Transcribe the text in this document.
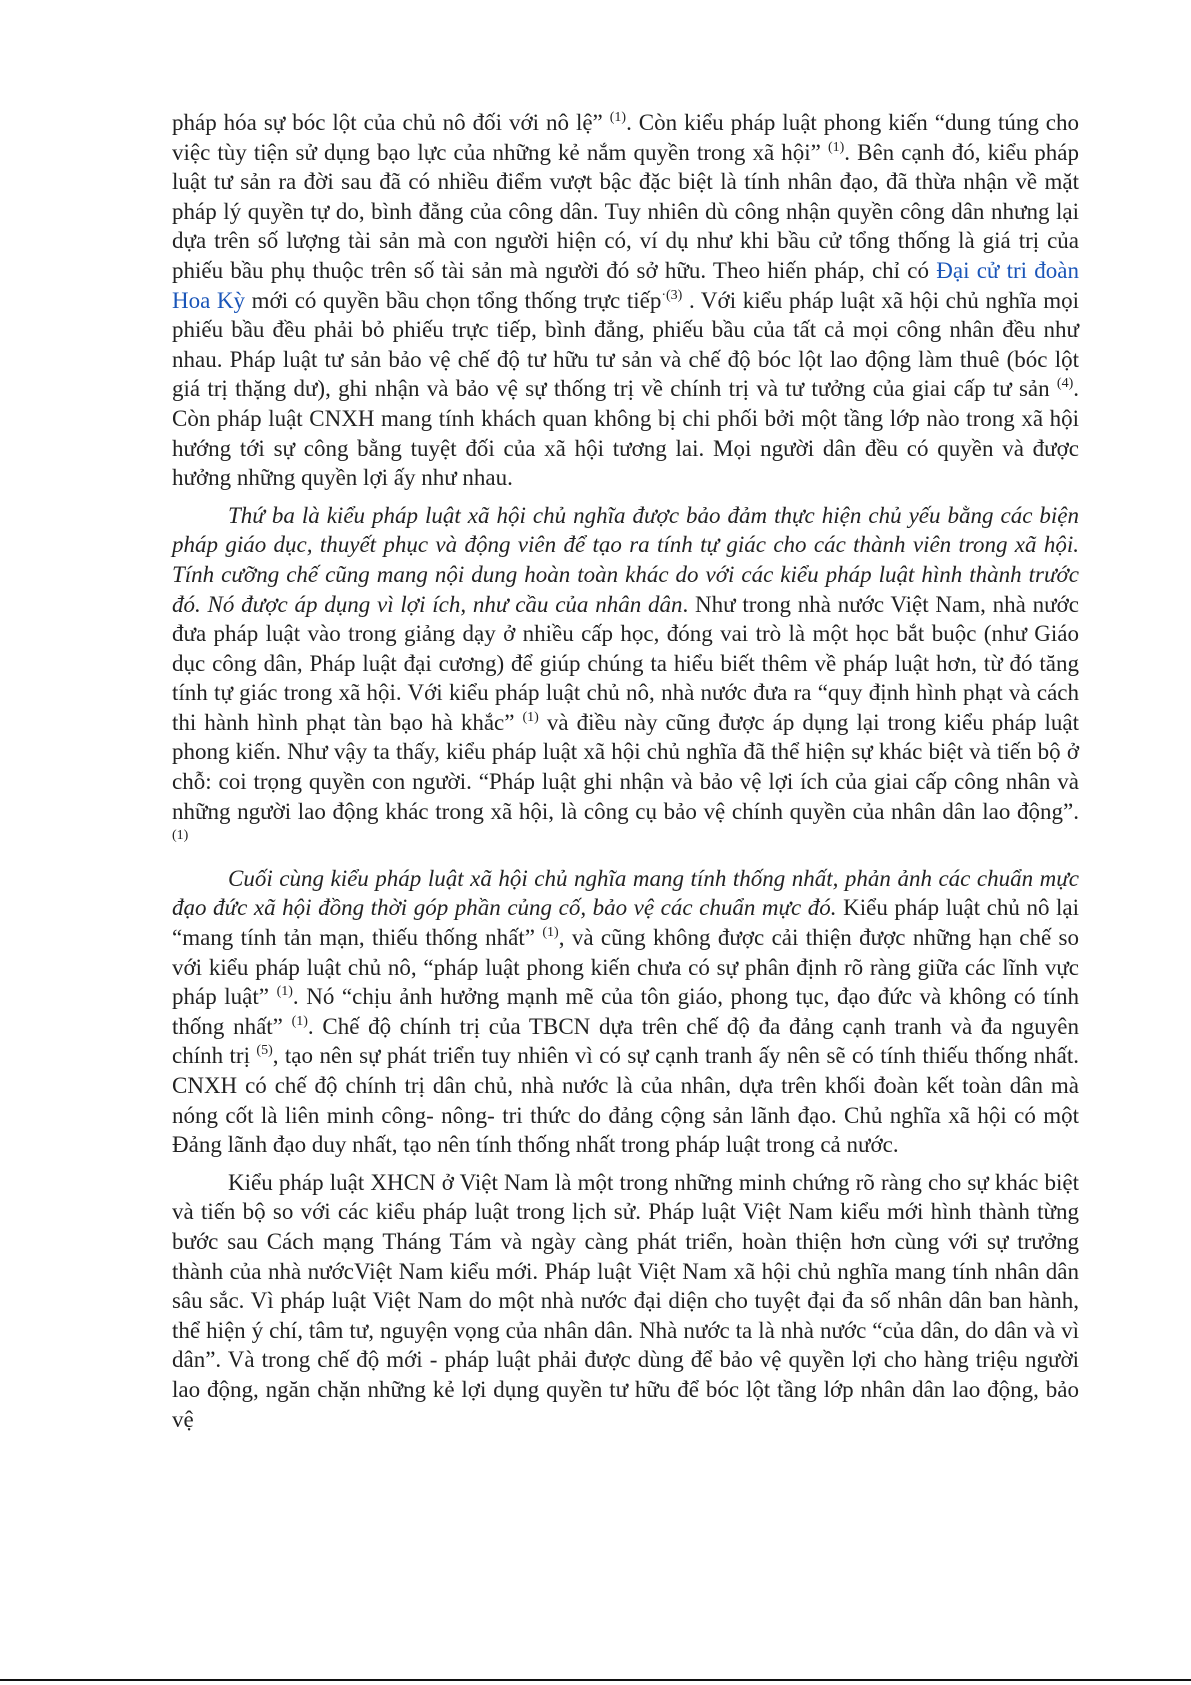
pháp hóa sự bóc lột của chủ nô đối với nô lệ” $^{(1)}$. Còn kiểu pháp luật phong kiến “dung túng cho việc tùy tiện sử dụng bạo lực của những kẻ nắm quyền trong xã hội” $^{(1)}$. Bên cạnh đó, kiểu pháp luật tư sản ra đời sau đã có nhiều điểm vượt bậc đặc biệt là tính nhân đạo, đã thừa nhận về mặt pháp lý quyền tự do, bình đẳng của công dân. Tuy nhiên dù công nhận quyền công dân nhưng lại dựa trên số lượng tài sản mà con người hiện có, ví dụ như khi bầu cử tổng thống là giá trị của phiếu bầu phụ thuộc trên số tài sản mà người đó sở hữu. Theo hiến pháp, chỉ có Đại cử tri đoàn Hoa Kỳ mới có quyền bầu chọn tổng thống trực tiếp$^{\cdot(3)}$ . Với kiểu pháp luật xã hội chủ nghĩa mọi phiếu bầu đều phải bỏ phiếu trực tiếp, bình đẳng, phiếu bầu của tất cả mọi công nhân đều như nhau. Pháp luật tư sản bảo vệ chế độ tư hữu tư sản và chế độ bóc lột lao động làm thuê (bóc lột giá trị thặng dư), ghi nhận và bảo vệ sự thống trị về chính trị và tư tưởng của giai cấp tư sản $^{(4)}$. Còn pháp luật CNXH mang tính khách quan không bị chi phối bởi một tầng lớp nào trong xã hội hướng tới sự công bằng tuyệt đối của xã hội tương lai. Mọi người dân đều có quyền và được hưởng những quyền lợi ấy như nhau.

Thứ ba là kiểu pháp luật xã hội chủ nghĩa được bảo đảm thực hiện chủ yếu bằng các biện pháp giáo dục, thuyết phục và động viên để tạo ra tính tự giác cho các thành viên trong xã hội. Tính cưỡng chế cũng mang nội dung hoàn toàn khác do với các kiểu pháp luật hình thành trước đó. Nó được áp dụng vì lợi ích, như cầu của nhân dân. Như trong nhà nước Việt Nam, nhà nước đưa pháp luật vào trong giảng dạy ở nhiều cấp học, đóng vai trò là một học bắt buộc (như Giáo dục công dân, Pháp luật đại cương) để giúp chúng ta hiểu biết thêm về pháp luật hơn, từ đó tăng tính tự giác trong xã hội. Với kiểu pháp luật chủ nô, nhà nước đưa ra “quy định hình phạt và cách thi hành hình phạt tàn bạo hà khắc” $^{(1)}$ và điều này cũng được áp dụng lại trong kiểu pháp luật phong kiến. Như vậy ta thấy, kiểu pháp luật xã hội chủ nghĩa đã thể hiện sự khác biệt và tiến bộ ở chỗ: coi trọng quyền con người. “Pháp luật ghi nhận và bảo vệ lợi ích của giai cấp công nhân và những người lao động khác trong xã hội, là công cụ bảo vệ chính quyền của nhân dân lao động”. $^{(1)}$

Cuối cùng kiểu pháp luật xã hội chủ nghĩa mang tính thống nhất, phản ảnh các chuẩn mực đạo đức xã hội đồng thời góp phần củng cố, bảo vệ các chuẩn mực đó. Kiểu pháp luật chủ nô lại “mang tính tản mạn, thiếu thống nhất” $^{(1)}$, và cũng không được cải thiện được những hạn chế so với kiểu pháp luật chủ nô, “pháp luật phong kiến chưa có sự phân định rõ ràng giữa các lĩnh vực pháp luật” $^{(1)}$. Nó “chịu ảnh hưởng mạnh mẽ của tôn giáo, phong tục, đạo đức và không có tính thống nhất” $^{(1)}$. Chế độ chính trị của TBCN dựa trên chế độ đa đảng cạnh tranh và đa nguyên chính trị $^{(5)}$, tạo nên sự phát triển tuy nhiên vì có sự cạnh tranh ấy nên sẽ có tính thiếu thống nhất. CNXH có chế độ chính trị dân chủ, nhà nước là của nhân, dựa trên khối đoàn kết toàn dân mà nóng cốt là liên minh công- nông- tri thức do đảng cộng sản lãnh đạo. Chủ nghĩa xã hội có một Đảng lãnh đạo duy nhất, tạo nên tính thống nhất trong pháp luật trong cả nước.

Kiểu pháp luật XHCN ở Việt Nam là một trong những minh chứng rõ ràng cho sự khác biệt và tiến bộ so với các kiểu pháp luật trong lịch sử. Pháp luật Việt Nam kiểu mới hình thành từng bước sau Cách mạng Tháng Tám và ngày càng phát triển, hoàn thiện hơn cùng với sự trưởng thành của nhà nướcViệt Nam kiểu mới. Pháp luật Việt Nam xã hội chủ nghĩa mang tính nhân dân sâu sắc. Vì pháp luật Việt Nam do một nhà nước đại diện cho tuyệt đại đa số nhân dân ban hành, thể hiện ý chí, tâm tư, nguyện vọng của nhân dân. Nhà nước ta là nhà nước “của dân, do dân và vì dân”. Và trong chế độ mới - pháp luật phải được dùng để bảo vệ quyền lợi cho hàng triệu người lao động, ngăn chặn những kẻ lợi dụng quyền tư hữu để bóc lột tầng lớp nhân dân lao động, bảo vệ
